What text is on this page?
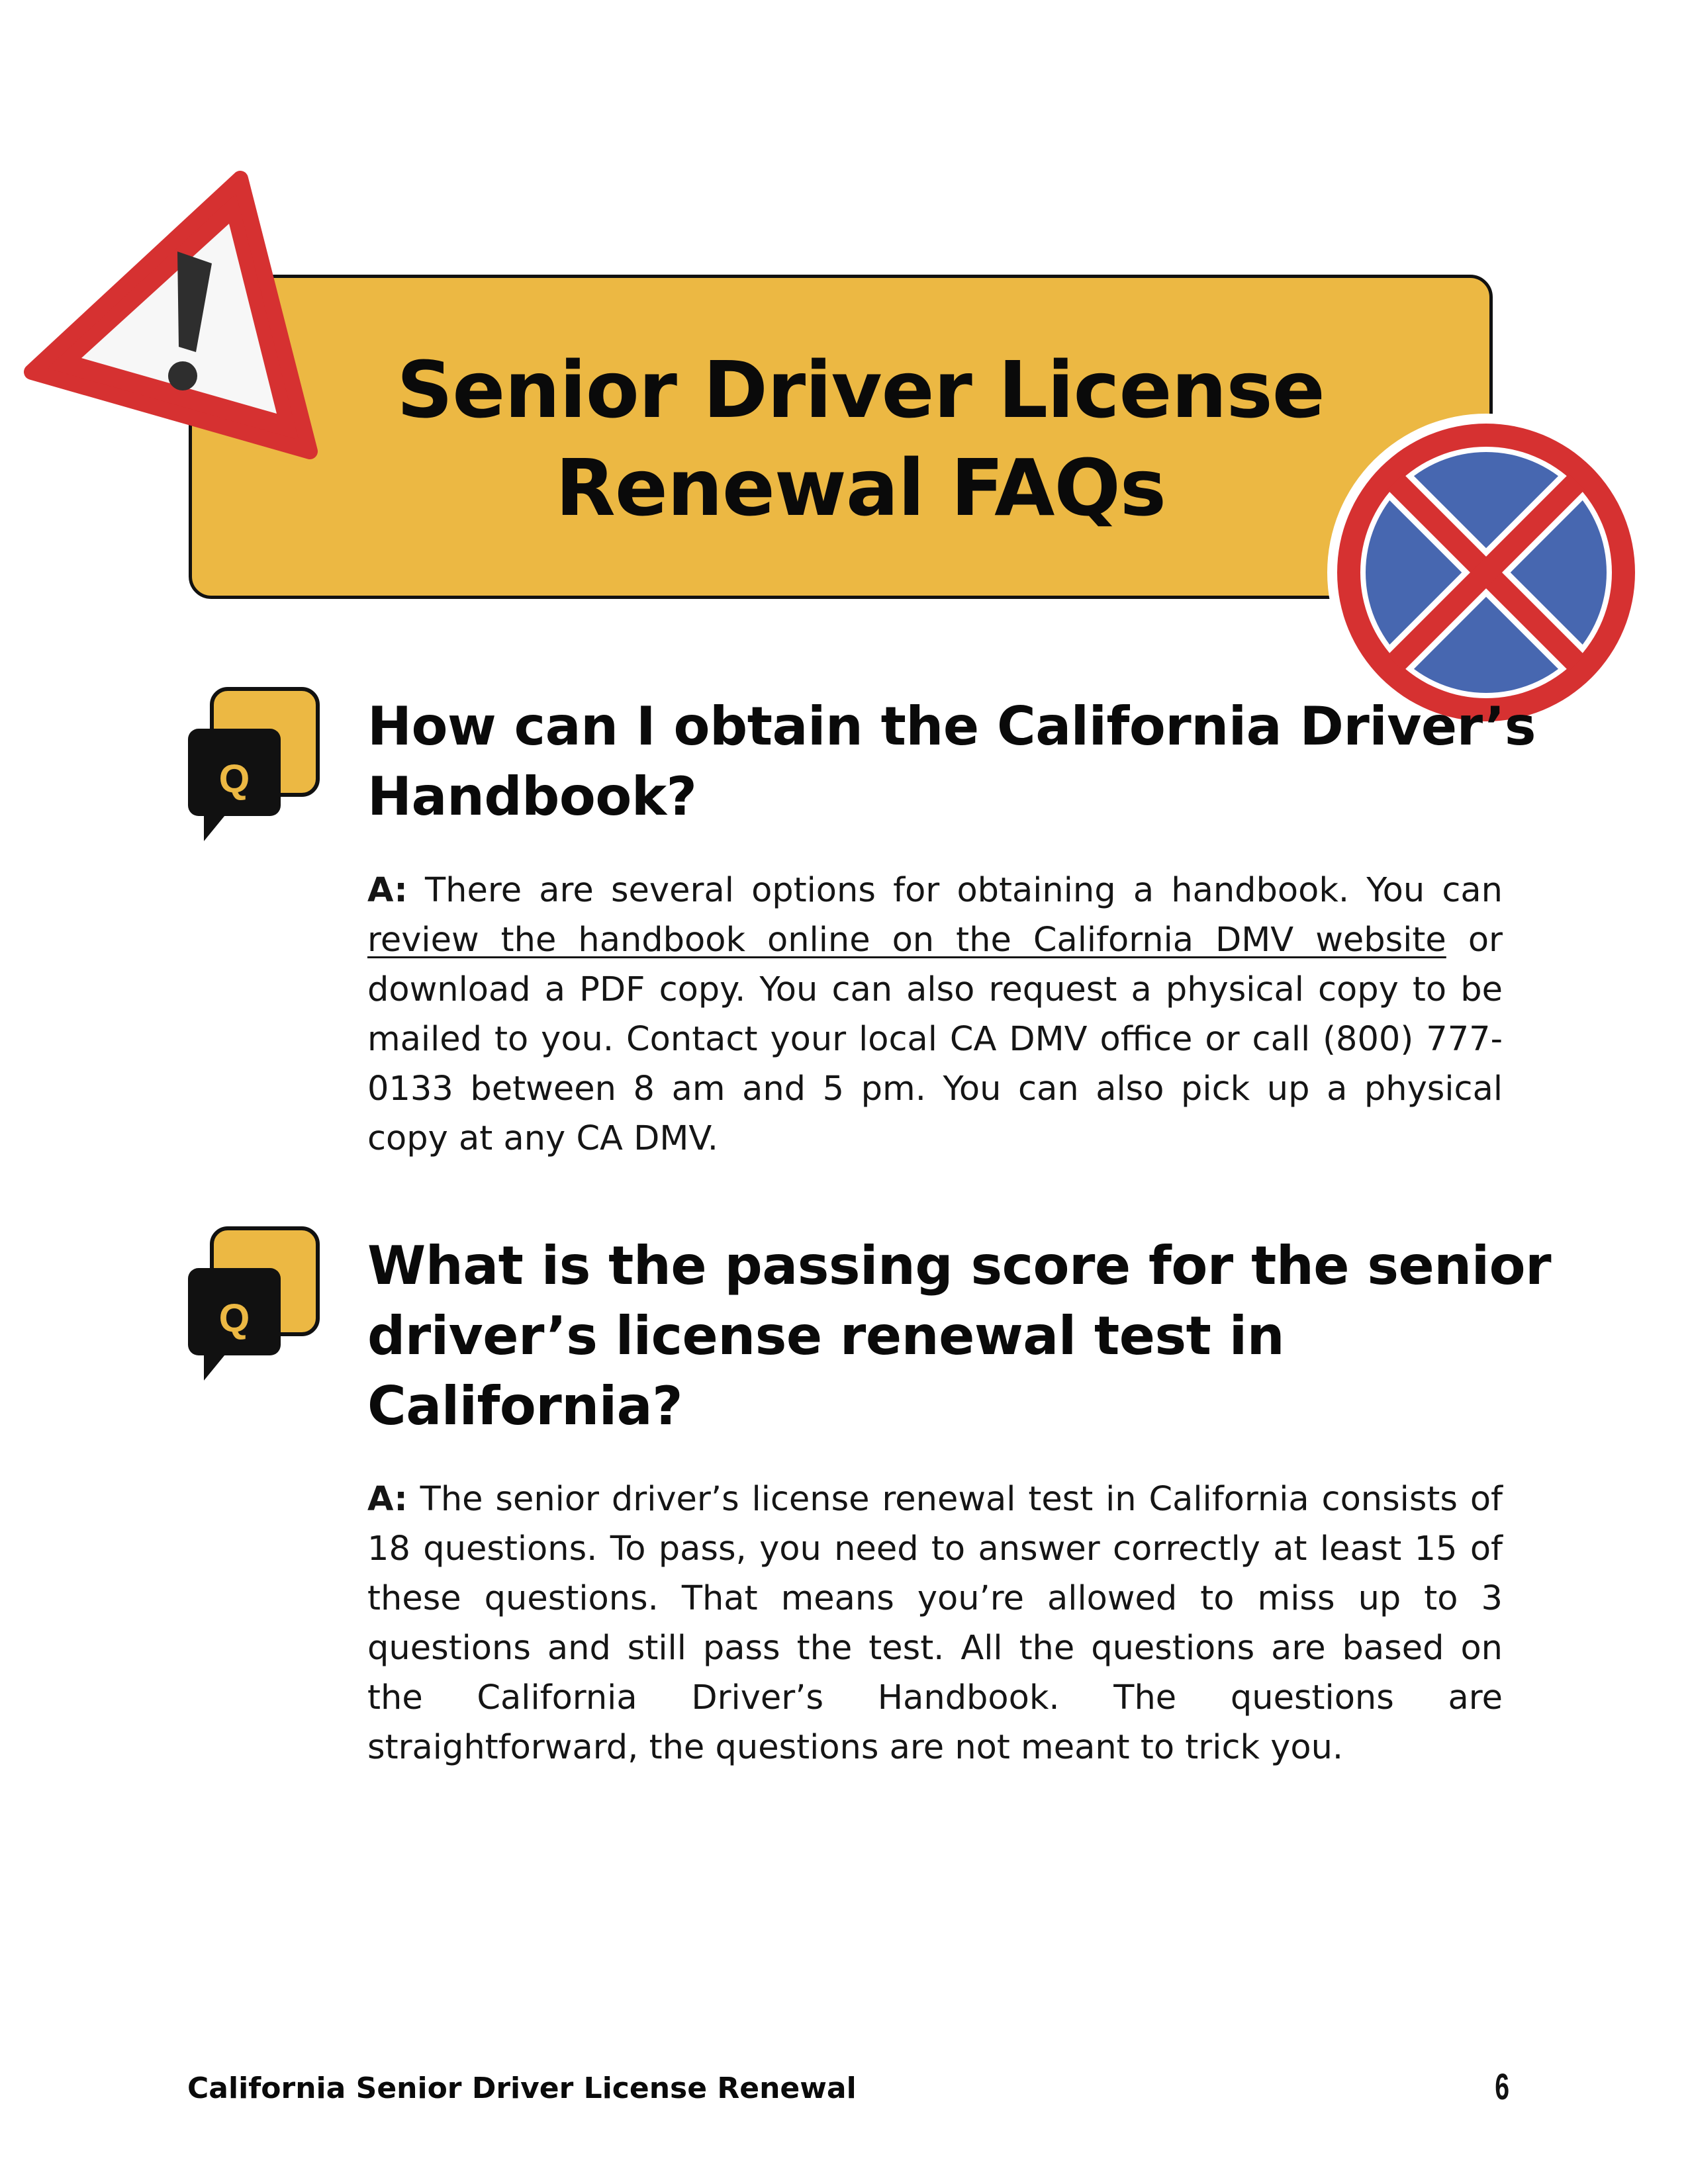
Senior Driver License
Renewal FAQs
Q
How can I obtain the California Driver’s Handbook?
A: There are several options for obtaining a handbook. You can review the handbook online on the California DMV website or download a PDF copy. You can also request a physical copy to be mailed to you. Contact your local CA DMV office or call (800) 777-0133 between 8 am and 5 pm. You can also pick up a physical copy at any CA DMV.
Q
What is the passing score for the senior driver’s license renewal test in California?
A: The senior driver’s license renewal test in California consists of 18 questions. To pass, you need to answer correctly at least 15 of these questions. That means you’re allowed to miss up to 3 questions and still pass the test. All the questions are based on the California Driver’s Handbook. The questions are straightforward, the questions are not meant to trick you.
California Senior Driver License Renewal	6
